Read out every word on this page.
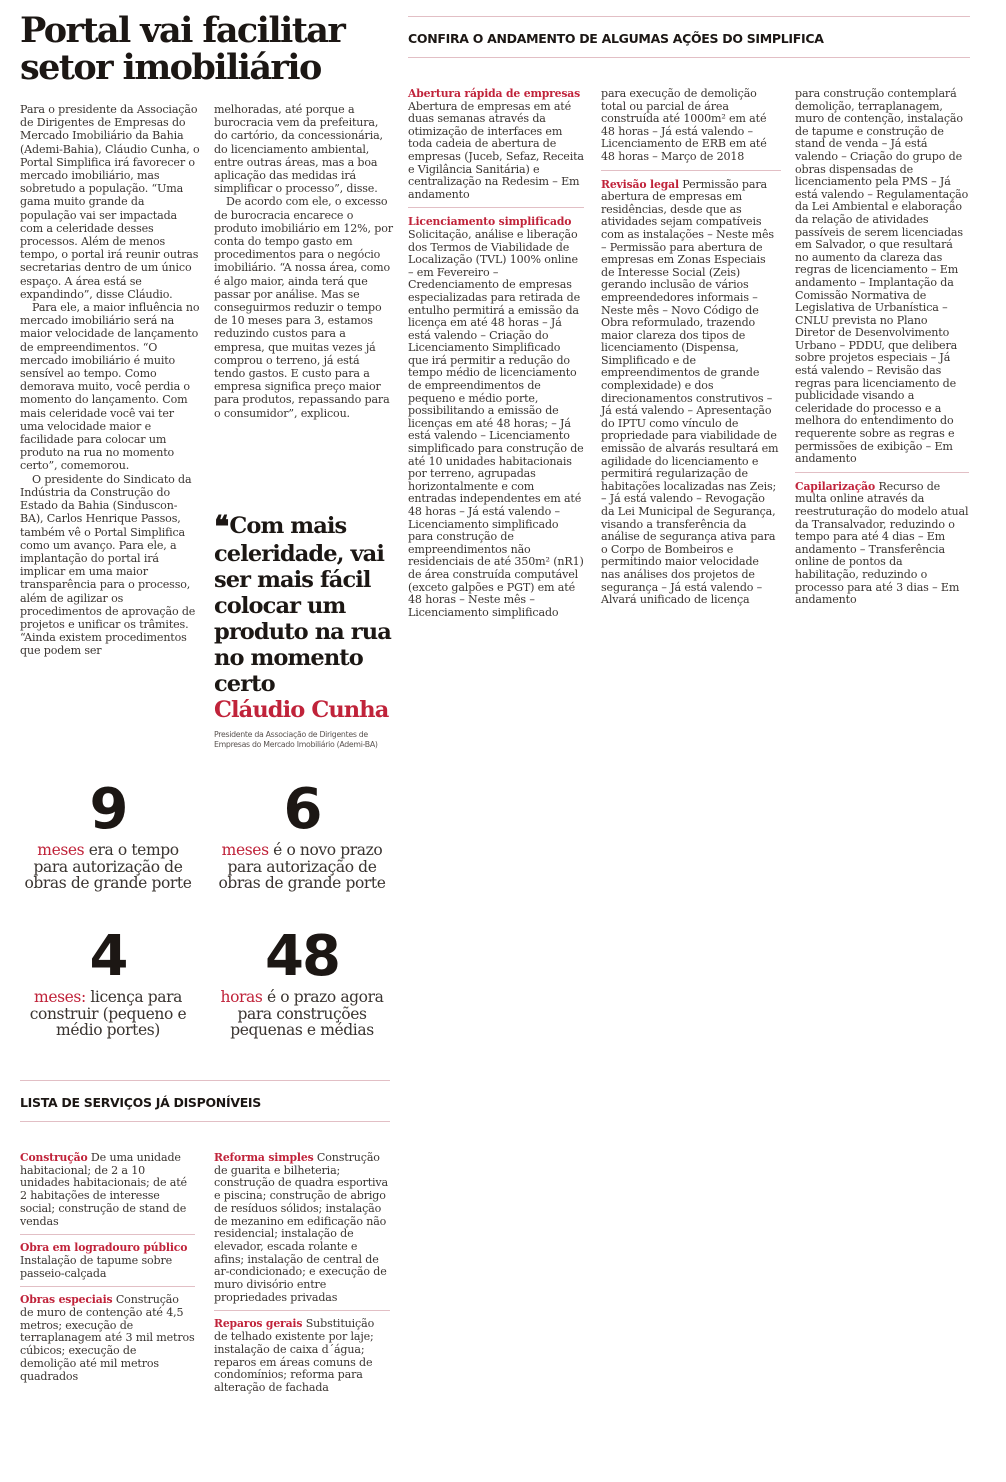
Portal vai facilitar setor imobiliário

Para o presidente da Associação de Dirigentes de Empresas do Mercado Imobiliário da Bahia (Ademi-Bahia), Cláudio Cunha, o Portal Simplifica irá favorecer o mercado imobiliário, mas sobretudo a população. “Uma gama muito grande da população vai ser impactada com a celeridade desses processos. Além de menos tempo, o portal irá reunir outras secretarias dentro de um único espaço. A área está se expandindo”, disse Cláudio.

Para ele, a maior influência no mercado imobiliário será na maior velocidade de lançamento de empreendimentos. “O mercado imobiliário é muito sensível ao tempo. Como demorava muito, você perdia o momento do lançamento. Com mais celeridade você vai ter uma velocidade maior e facilidade para colocar um produto na rua no momento certo”, comemorou.

O presidente do Sindicato da Indústria da Construção do Estado da Bahia (Sinduscon-BA), Carlos Henrique Passos, também vê o Portal Simplifica como um avanço. Para ele, a implantação do portal irá implicar em uma maior transparência para o processo, além de agilizar os procedimentos de aprovação de projetos e unificar os trâmites. “Ainda existem procedimentos que podem ser

melhoradas, até porque a burocracia vem da prefeitura, do cartório, da concessionária, do licenciamento ambiental, entre outras áreas, mas a boa aplicação das medidas irá simplificar o processo”, disse.

De acordo com ele, o excesso de burocracia encarece o produto imobiliário em 12%, por conta do tempo gasto em procedimentos para o negócio imobiliário. “A nossa área, como é algo maior, ainda terá que passar por análise. Mas se conseguirmos reduzir o tempo de 10 meses para 3, estamos reduzindo custos para a empresa, que muitas vezes já comprou o terreno, já está tendo gastos. E custo para a empresa significa preço maior para produtos, repassando para o consumidor”, explicou.

❛❛ Com mais celeridade, vai ser mais fácil colocar um produto na rua no momento certo
Cláudio Cunha
Presidente da Associação de Dirigentes de Empresas do Mercado Imobiliário (Ademi-BA)
9
meses era o tempo para autorização de obras de grande porte
6
meses é o novo prazo para autorização de obras de grande porte
4
meses: licença para construir (pequeno e médio portes)
48
horas é o prazo agora para construções pequenas e médias
CONFIRA O ANDAMENTO DE ALGUMAS AÇÕES DO SIMPLIFICA
Abertura rápida de empresas
Abertura de empresas em até duas semanas através da otimização de interfaces em toda cadeia de abertura de empresas (Juceb, Sefaz, Receita e Vigilância Sanitária) e centralização na Redesim – Em andamento
Licenciamento simplificado
Solicitação, análise e liberação dos Termos de Viabilidade de Localização (TVL) 100% online – em Fevereiro – Credenciamento de empresas especializadas para retirada de entulho permitirá a emissão da licença em até 48 horas – Já está valendo – Criação do Licenciamento Simplificado que irá permitir a redução do tempo médio de licenciamento de empreendimentos de pequeno e médio porte, possibilitando a emissão de licenças em até 48 horas; – Já está valendo – Licenciamento simplificado para construção de até 10 unidades habitacionais por terreno, agrupadas horizontalmente e com entradas independentes em até 48 horas – Já está valendo – Licenciamento simplificado para construção de empreendimentos não residenciais de até 350m² (nR1) de área construída computável (exceto galpões e PGT) em até 48 horas – Neste mês – Licenciamento simplificado
para execução de demolição total ou parcial de área construída até 1000m² em até 48 horas – Já está valendo – Licenciamento de ERB em até 48 horas – Março de 2018
Revisão legal Permissão para abertura de empresas em residências, desde que as atividades sejam compatíveis com as instalações – Neste mês – Permissão para abertura de empresas em Zonas Especiais de Interesse Social (Zeis) gerando inclusão de vários empreendedores informais – Neste mês – Novo Código de Obra reformulado, trazendo maior clareza dos tipos de licenciamento (Dispensa, Simplificado e de empreendimentos de grande complexidade) e dos direcionamentos construtivos – Já está valendo – Apresentação do IPTU como vínculo de propriedade para viabilidade de emissão de alvarás resultará em agilidade do licenciamento e permitirá regularização de habitações localizadas nas Zeis; – Já está valendo – Revogação da Lei Municipal de Segurança, visando a transferência da análise de segurança ativa para o Corpo de Bombeiros e permitindo maior velocidade nas análises dos projetos de segurança – Já está valendo – Alvará unificado de licença
para construção contemplará demolição, terraplanagem, muro de contenção, instalação de tapume e construção de stand de venda – Já está valendo – Criação do grupo de obras dispensadas de licenciamento pela PMS – Já está valendo – Regulamentação da Lei Ambiental e elaboração da relação de atividades passíveis de serem licenciadas em Salvador, o que resultará no aumento da clareza das regras de licenciamento – Em andamento – Implantação da Comissão Normativa de Legislativa de Urbanística – CNLU prevista no Plano Diretor de Desenvolvimento Urbano – PDDU, que delibera sobre projetos especiais – Já está valendo – Revisão das regras para licenciamento de publicidade visando a celeridade do processo e a melhora do entendimento do requerente sobre as regras e permissões de exibição – Em andamento
Capilarização Recurso de multa online através da reestruturação do modelo atual da Transalvador, reduzindo o tempo para até 4 dias – Em andamento – Transferência online de pontos da habilitação, reduzindo o processo para até 3 dias – Em andamento
LISTA DE SERVIÇOS JÁ DISPONÍVEIS
Construção De uma unidade habitacional; de 2 a 10 unidades habitacionais; de até 2 habitações de interesse social; construção de stand de vendas
Obra em logradouro público
Instalação de tapume sobre passeio-calçada
Obras especiais Construção de muro de contenção até 4,5 metros; execução de terraplanagem até 3 mil metros cúbicos; execução de demolição até mil metros quadrados
Reforma simples Construção de guarita e bilheteria; construção de quadra esportiva e piscina; construção de abrigo de resíduos sólidos; instalação de mezanino em edificação não residencial; instalação de elevador, escada rolante e afins; instalação de central de ar-condicionado; e execução de muro divisório entre propriedades privadas
Reparos gerais Substituição de telhado existente por laje; instalação de caixa d´água; reparos em áreas comuns de condomínios; reforma para alteração de fachada
